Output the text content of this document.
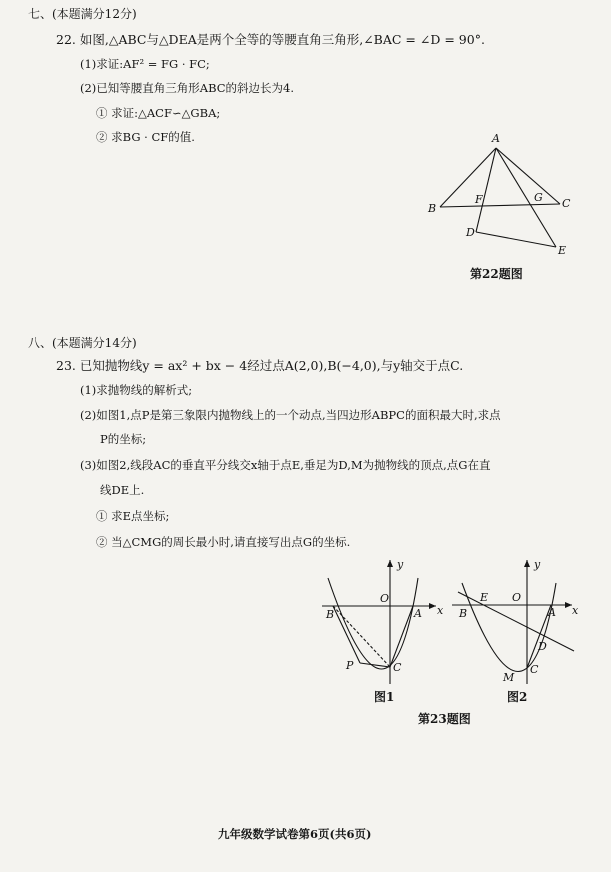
七、(本题满分12分)
22. 如图,△ABC与△DEA是两个全等的等腰直角三角形,∠BAC = ∠D = 90°.
(1)求证:AF² = FG · FC;
(2)已知等腰直角三角形ABC的斜边长为4.
① 求证:△ACF∽△GBA;
② 求BG · CF的值.	A
B	C
D
E
F	G
第22题图
八、(本题满分14分)
23. 已知抛物线y = ax² + bx − 4经过点A(2,0),B(−4,0),与y轴交于点C.
(1)求抛物线的解析式;
(2)如图1,点P是第三象限内抛物线上的一个动点,当四边形ABPC的面积最大时,求点
P的坐标;
(3)如图2,线段AC的垂直平分线交x轴于点E,垂足为D,M为抛物线的顶点,点G在直
线DE上.
① 求E点坐标;
② 当△CMG的周长最小时,请直接写出点G的坐标.
y
x
O
A
B
C
P
y
x
O
A
B
C
D
E
M
图1	图2
第23题图
九年级数学试卷第6页(共6页)
